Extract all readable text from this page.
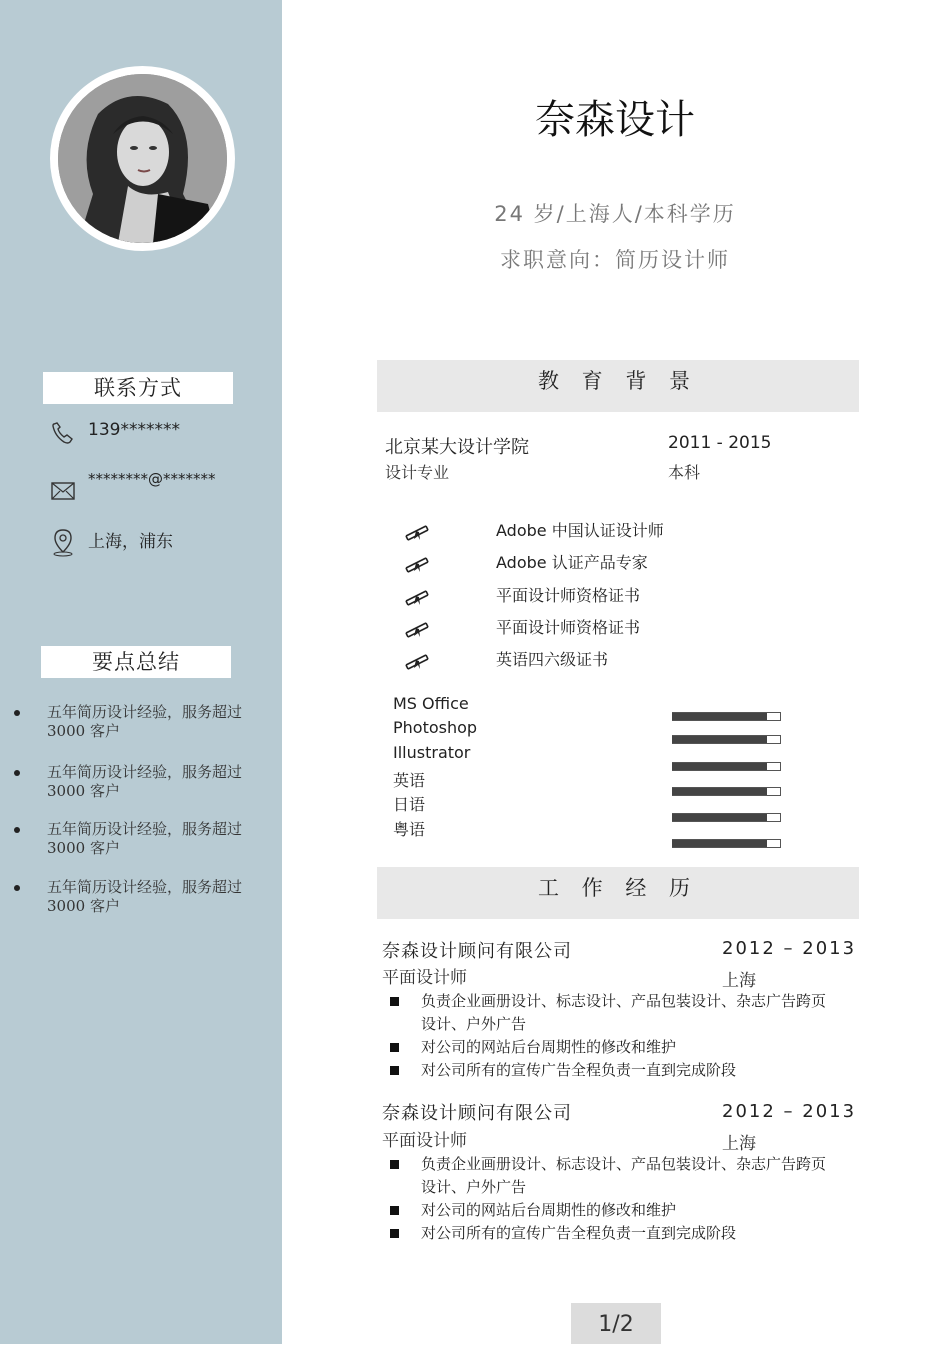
联系方式
139*******
********@*******
上海，浦东
要点总结
五年简历设计经验，服务超过 3000 客户
五年简历设计经验，服务超过 3000 客户
五年简历设计经验，服务超过 3000 客户
五年简历设计经验，服务超过 3000 客户
奈森设计
24 岁/上海人/本科学历
求职意向：简历设计师
教 育 背 景
北京某大设计学院
设计专业
2011 - 2015
本科
Adobe 中国认证设计师
Adobe 认证产品专家
平面设计师资格证书
平面设计师资格证书
英语四六级证书
MS Office
Photoshop
Illustrator
英语
日语
粤语
工 作 经 历
奈森设计顾问有限公司
平面设计师
2012 – 2013
上海
负责企业画册设计、标志设计、产品包装设计、杂志广告跨页设计、户外广告
对公司的网站后台周期性的修改和维护
对公司所有的宣传广告全程负责一直到完成阶段
奈森设计顾问有限公司
平面设计师
2012 – 2013
上海
负责企业画册设计、标志设计、产品包装设计、杂志广告跨页设计、户外广告
对公司的网站后台周期性的修改和维护
对公司所有的宣传广告全程负责一直到完成阶段
1/2
